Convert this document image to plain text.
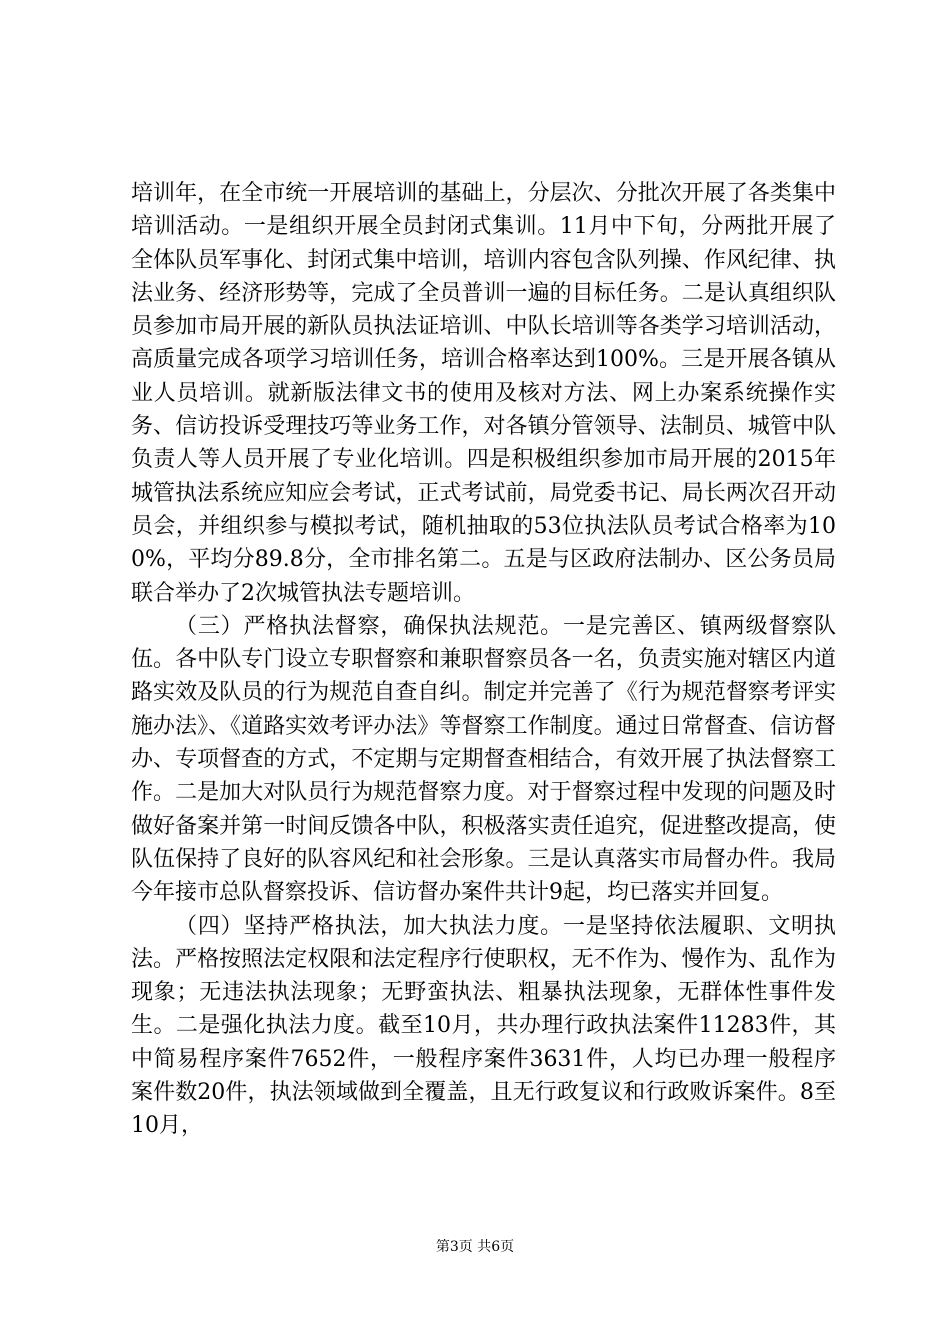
培训年，在全市统一开展培训的基础上，分层次、分批次开展了各类集中培训活动。一是组织开展全员封闭式集训。11月中下旬，分两批开展了全体队员军事化、封闭式集中培训，培训内容包含队列操、作风纪律、执法业务、经济形势等，完成了全员普训一遍的目标任务。二是认真组织队员参加市局开展的新队员执法证培训、中队长培训等各类学习培训活动，高质量完成各项学习培训任务，培训合格率达到100%。三是开展各镇从业人员培训。就新版法律文书的使用及核对方法、网上办案系统操作实务、信访投诉受理技巧等业务工作，对各镇分管领导、法制员、城管中队负责人等人员开展了专业化培训。四是积极组织参加市局开展的2015年城管执法系统应知应会考试，正式考试前，局党委书记、局长两次召开动员会，并组织参与模拟考试，随机抽取的53位执法队员考试合格率为100%，平均分89.8分，全市排名第二。五是与区政府法制办、区公务员局联合举办了2次城管执法专题培训。

（三）严格执法督察，确保执法规范。一是完善区、镇两级督察队伍。各中队专门设立专职督察和兼职督察员各一名，负责实施对辖区内道路实效及队员的行为规范自查自纠。制定并完善了《行为规范督察考评实施办法》、《道路实效考评办法》等督察工作制度。通过日常督查、信访督办、专项督查的方式，不定期与定期督查相结合，有效开展了执法督察工作。二是加大对队员行为规范督察力度。对于督察过程中发现的问题及时做好备案并第一时间反馈各中队，积极落实责任追究，促进整改提高，使队伍保持了良好的队容风纪和社会形象。三是认真落实市局督办件。我局今年接市总队督察投诉、信访督办案件共计9起，均已落实并回复。

（四）坚持严格执法，加大执法力度。一是坚持依法履职、文明执法。严格按照法定权限和法定程序行使职权，无不作为、慢作为、乱作为现象；无违法执法现象；无野蛮执法、粗暴执法现象，无群体性事件发生。二是强化执法力度。截至10月，共办理行政执法案件11283件，其中简易程序案件7652件，一般程序案件3631件，人均已办理一般程序案件数20件，执法领域做到全覆盖，且无行政复议和行政败诉案件。8至10月，

第3页 共6页
